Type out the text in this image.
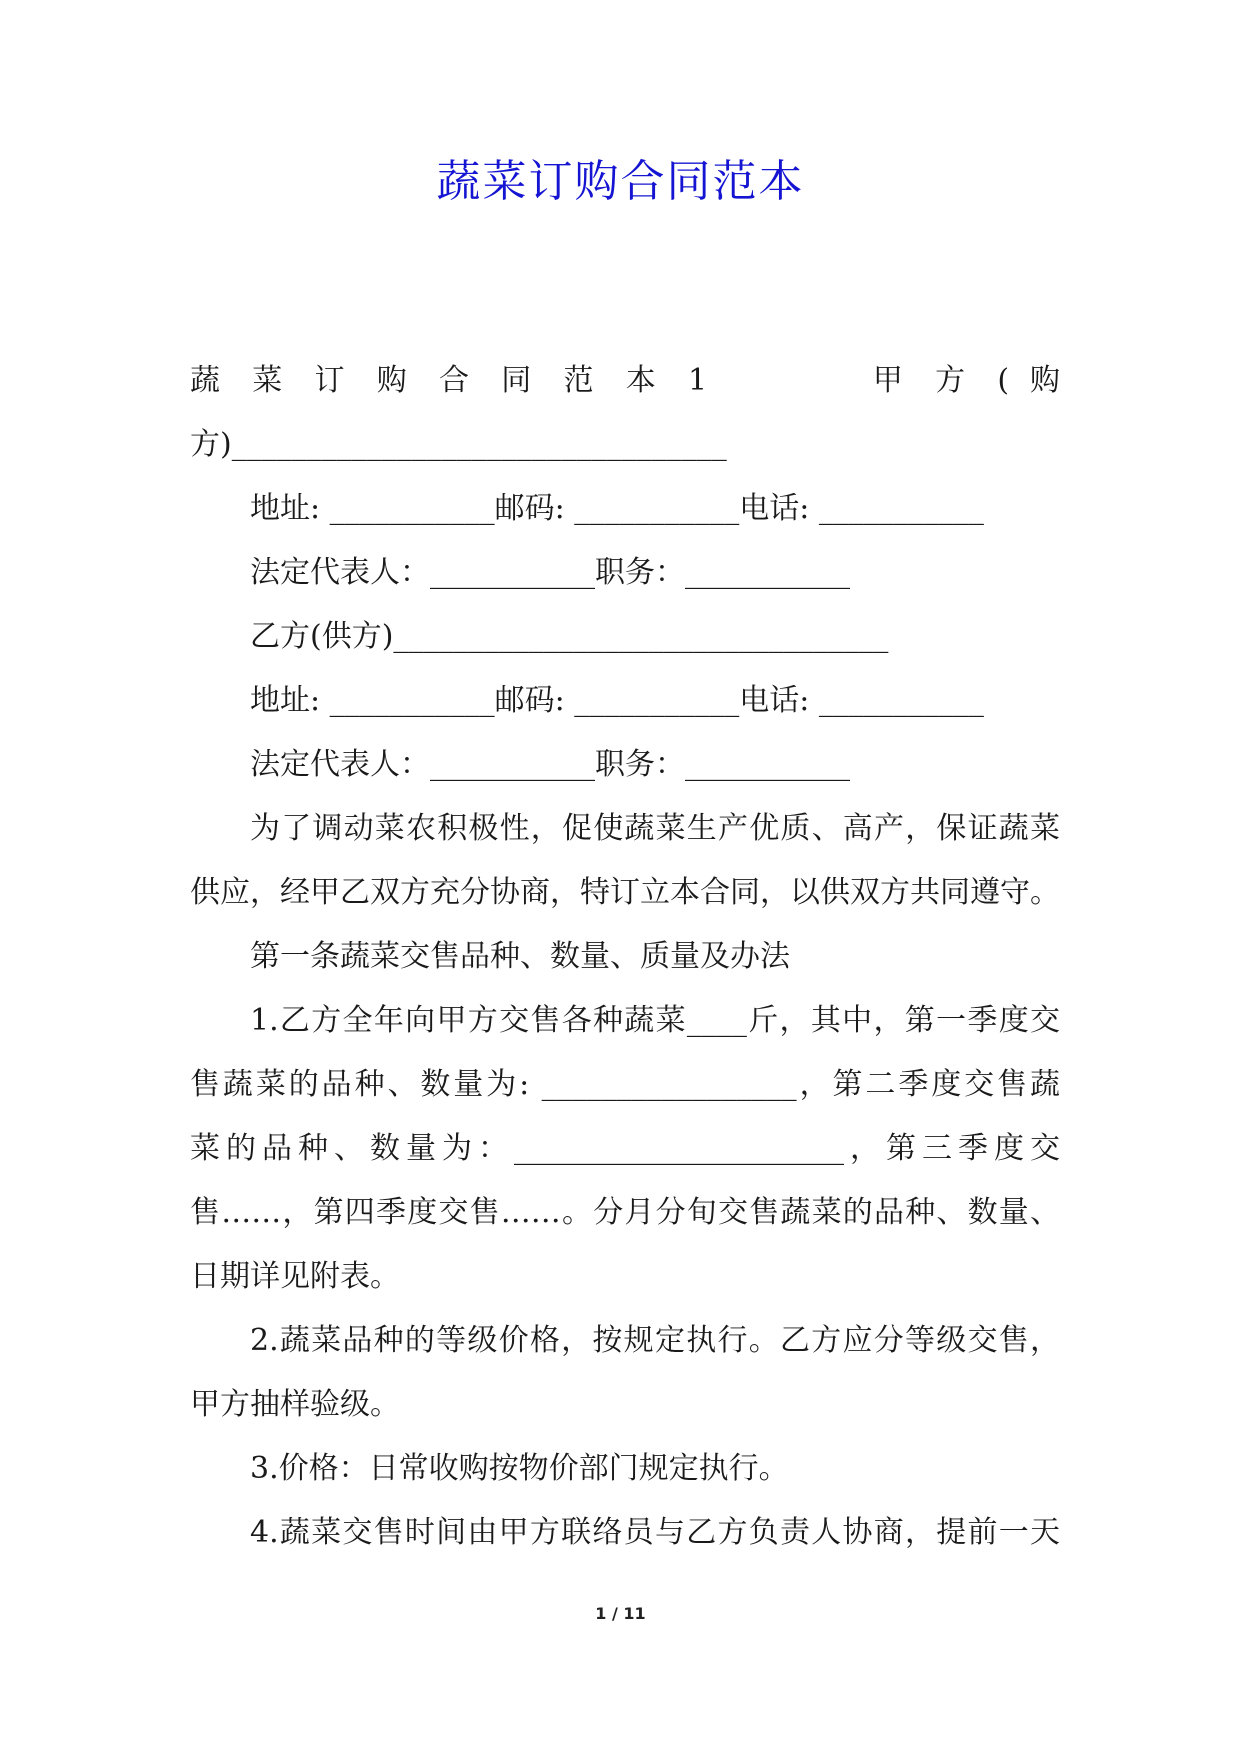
蔬菜订购合同范本
蔬 菜 订 购 合 同 范 本 1 　　　 甲 方 ( 购
方)_________________________________
地址: ___________邮码: ___________电话: ___________
法定代表人：___________职务：___________
乙方(供方)_________________________________
地址: ___________邮码: ___________电话: ___________
法定代表人：___________职务：___________
为了调动菜农积极性，促使蔬菜生产优质、高产，保证蔬菜
供应，经甲乙双方充分协商，特订立本合同，以供双方共同遵守。
第一条蔬菜交售品种、数量、质量及办法
1.乙方全年向甲方交售各种蔬菜____斤，其中，第一季度交
售蔬菜的品种、数量为: _________________，第二季度交售蔬
菜的品种、数量为：______________________，第三季度交
售……，第四季度交售……。分月分旬交售蔬菜的品种、数量、
日期详见附表。
2.蔬菜品种的等级价格，按规定执行。乙方应分等级交售，
甲方抽样验级。
3.价格：日常收购按物价部门规定执行。
4.蔬菜交售时间由甲方联络员与乙方负责人协商，提前一天
1 / 11
